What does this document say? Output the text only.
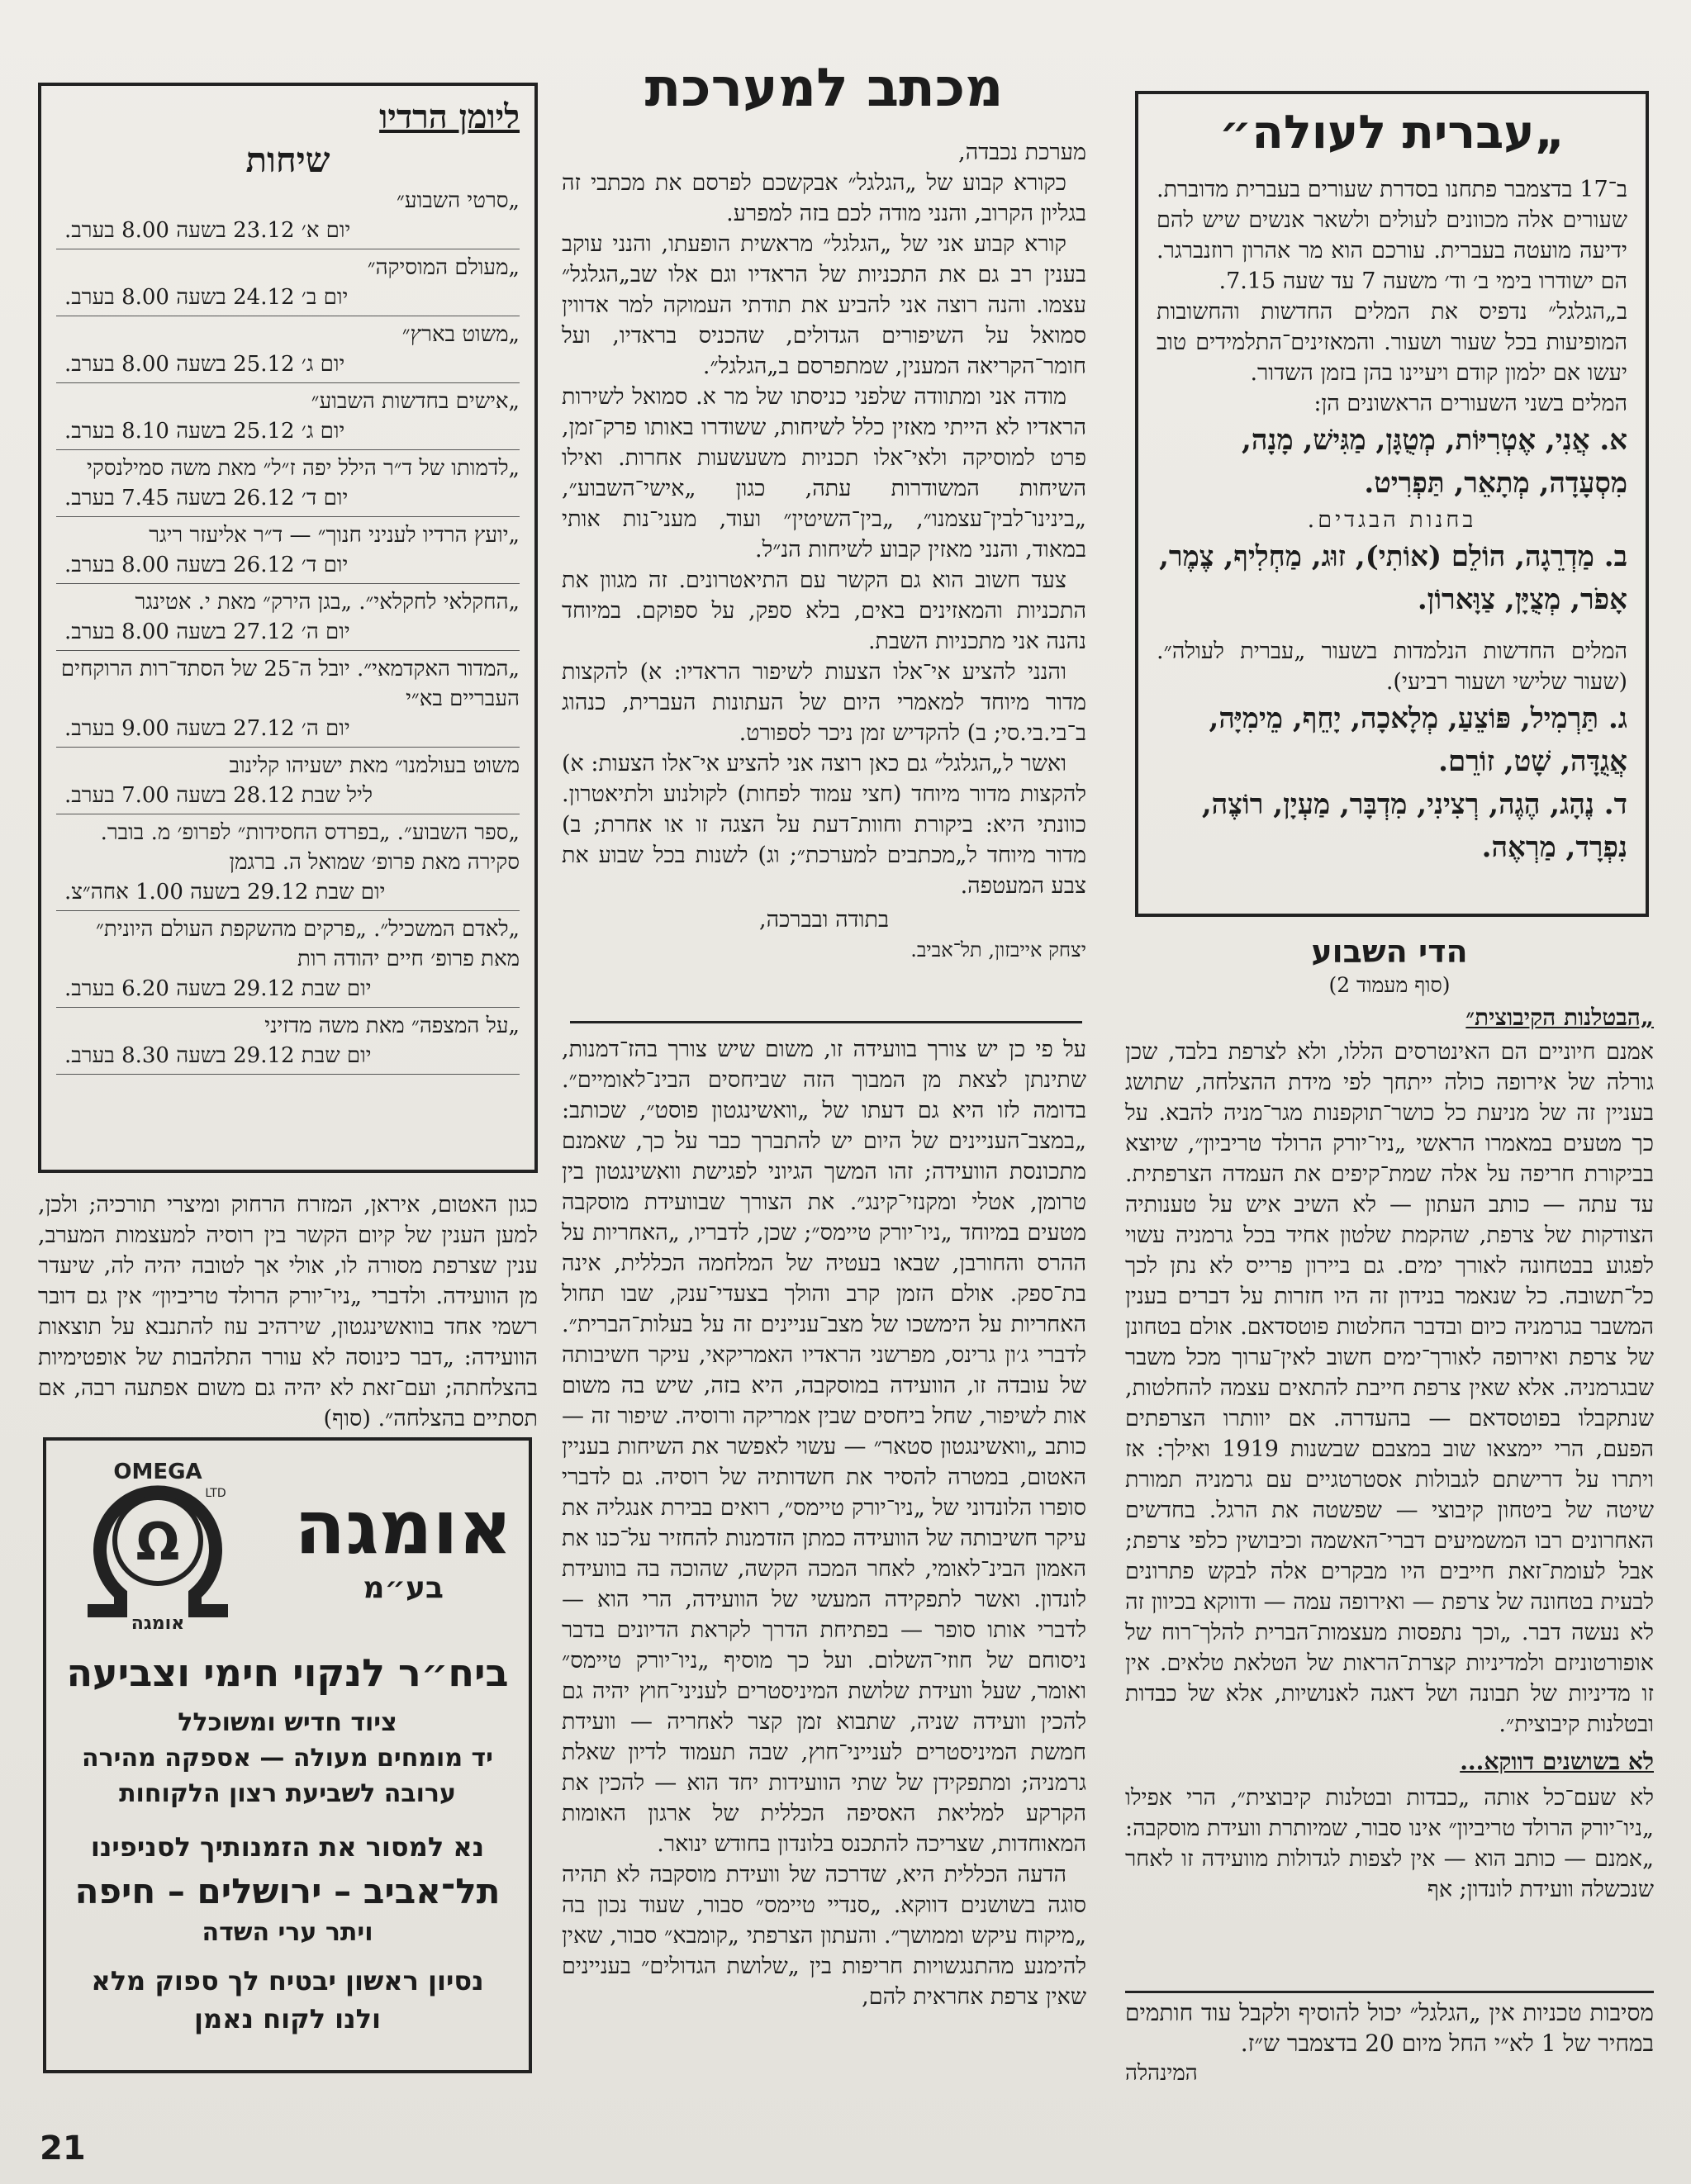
ליומן הרדיו
שיחות
„סרטי השבוע״
יום א׳ 23.12 בשעה 8.00 בערב.
„מעולם המוסיקה״
יום ב׳ 24.12 בשעה 8.00 בערב.
„משוט בארץ״
יום ג׳ 25.12 בשעה 8.00 בערב.
„אישים בחדשות השבוע״
יום ג׳ 25.12 בשעה 8.10 בערב.
„לדמותו של ד״ר הילל יפה ז״ל״ מאת משה סמילנסקי
יום ד׳ 26.12 בשעה 7.45 בערב.
„יועץ הרדיו לעניני חנוך״ — ד״ר אליעזר ריגר
יום ד׳ 26.12 בשעה 8.00 בערב.
„החקלאי לחקלאי״. „בגן הירק״ מאת י. אטינגר
יום ה׳ 27.12 בשעה 8.00 בערב.
„המדור האקדמאי״. יובל ה־25 של הסתד־רות הרוקחים העבריים בא״י
יום ה׳ 27.12 בשעה 9.00 בערב.
משוט בעולמנו״ מאת ישעיהו קלינוב
ליל שבת 28.12 בשעה 7.00 בערב.
„ספר השבוע״. „בפרדס החסידות״ לפרופ׳ מ. בובר. סקירה מאת פרופ׳ שמואל ה. ברגמן
יום שבת 29.12 בשעה 1.00 אחה״צ.
„לאדם המשכיל״. „פרקים מהשקפת העולם היונית״ מאת פרופ׳ חיים יהודה רות
יום שבת 29.12 בשעה 6.20 בערב.
„על המצפה״ מאת משה מדזיני
יום שבת 29.12 בשעה 8.30 בערב.

כגון האטום, איראן, המזרח הרחוק ומיצרי תורכיה; ולכן, למען הענין של קיום הקשר בין רוסיה למעצמות המערב, ענין שצרפת מסורה לו, אולי אך לטובה יהיה לה, שיעדר מן הוועידה. ולדברי „ניו־יורק הרולד טריביון״ אין גם דובר רשמי אחד בוואשינגטון, שירהיב עוז להתנבא על תוצאות הוועידה: „דבר כינוסה לא עורר התלהבות של אופטימיות בהצלחתה; ועם־זאת לא יהיה גם משום אפתעה רבה, אם תסתיים בהצלחה״. (סוף)

אומגה
בע״מ
Ω
OMEGA
LTD
אומגה
ביח״ר לנקוי חימי וצביעה
ציוד חדיש ומשוכלל
יד מומחים מעולה — אספקה מהירה
ערובה לשביעת רצון הלקוחות
נא למסור את הזמנותיך לסניפינו
תל־אביב – ירושלים – חיפה
ויתר ערי השדה
נסיון ראשון יבטיח לך ספוק מלא
ולנו לקוח נאמן
21
מכתב למערכת

מערכת נכבדה,

כקורא קבוע של „הגלגל״ אבקשכם לפרסם את מכתבי זה בגליון הקרוב, והנני מודה לכם בזה למפרע.

קורא קבוע אני של „הגלגל״ מראשית הופעתו, והנני עוקב בענין רב גם את התכניות של הראדיו וגם אלו שב„הגלגל״ עצמו. והנה רוצה אני להביע את תודתי העמוקה למר אדווין סמואל על השיפורים הגדולים, שהכניס בראדיו, ועל חומר־הקריאה המענין, שמתפרסם ב„הגלגל״.

מודה אני ומתוודה שלפני כניסתו של מר א. סמואל לשירות הראדיו לא הייתי מאזין כלל לשיחות, ששודרו באותו פרק־זמן, פרט למוסיקה ולאי־אלו תכניות משעשעות אחרות. ואילו השיחות המשודרות עתה, כגון „אישי־השבוע״, „בינינו־לבין־עצמנו״, „בין־השיטין״ ועוד, מעני־נות אותי במאוד, והנני מאזין קבוע לשיחות הנ״ל.

צעד חשוב הוא גם הקשר עם התיאטרונים. זה מגוון את התכניות והמאזינים באים, בלא ספק, על ספוקם. במיוחד נהנה אני מתכניות השבת.

והנני להציע אי־אלו הצעות לשיפור הראדיו: א) להקצות מדור מיוחד למאמרי היום של העתונות העברית, כנהוג ב־בי.בי.סי; ב) להקדיש זמן ניכר לספורט.

ואשר ל„הגלגל״ גם כאן רוצה אני להציע אי־אלו הצעות: א) להקצות מדור מיוחד (חצי עמוד לפחות) לקולנוע ולתיאטרון. כוונתי היא: ביקורת וחוות־דעת על הצגה זו או אחרת; ב) מדור מיוחד ל„מכתבים למערכת״; וג) לשנות בכל שבוע את צבע המעטפה.

בתודה ובברכה,

יצחק אייבזון, תל־אביב.

על פי כן יש צורך בוועידה זו, משום שיש צורך בהז־דמנות, שתינתן לצאת מן המבוך הזה שביחסים הבינ־לאומיים״. בדומה לזו היא גם דעתו של „וואשינגטון פוסט״, שכותב: „במצב־העניינים של היום יש להתברך כבר על כך, שאמנם מתכונסת הוועידה; זהו המשך הגיוני לפגישת וואשינגטון בין טרומן, אטלי ומקנזי־קינג״. את הצורך שבוועידת מוסקבה מטעים במיוחד „ניו־יורק טיימס״; שכן, לדבריו, „האחריות על ההרס והחורבן, שבאו בעטיה של המלחמה הכללית, אינה בת־ספק. אולם הזמן קרב והולך בצעדי־ענק, שבו תחול האחריות על הימשכו של מצב־עניינים זה על בעלות־הברית״. לדברי ג׳ון גרינס, מפרשני הראדיו האמריקאי, עיקר חשיבותה של עובדה זו, הוועידה במוסקבה, היא בזה, שיש בה משום אות לשיפור, שחל ביחסים שבין אמריקה ורוסיה. שיפור זה — כותב „וואשינגטון סטאר״ — עשוי לאפשר את השיחות בעניין האטום, במטרה להסיר את חשדותיה של רוסיה. גם לדברי סופרו הלונדוני של „ניו־יורק טיימס״, רואים בבירת אנגליה את עיקר חשיבותה של הוועידה כמתן הזדמנות להחזיר על־כנו את האמון הבינ־לאומי, לאחר המכה הקשה, שהוכה בה בוועידת לונדון. ואשר לתפקידה המעשי של הוועידה, הרי הוא — לדברי אותו סופר — בפתיחת הדרך לקראת הדיונים בדבר ניסוחם של חוזי־השלום. ועל כך מוסיף „ניו־יורק טיימס״ ואומר, שעל וועידת שלושת המיניסטרים לעניני־חוץ יהיה גם להכין וועידה שניה, שתבוא זמן קצר לאחריה — וועידת חמשת המיניסטרים לענייני־חוץ, שבה תעמוד לדיון שאלת גרמניה; ומתפקידן של שתי הוועידות יחד הוא — להכין את הקרקע למליאת האסיפה הכללית של ארגון האומות המאוחדות, שצריכה להתכנס בלונדון בחודש ינואר.

הדעה הכללית היא, שדרכה של וועידת מוסקבה לא תהיה סוגה בשושנים דווקא. „סנדיי טיימס״ סבור, שעוד נכון בה „מיקוח עיקש וממושך״. והעתון הצרפתי „קומבא״ סבור, שאין להימנע מהתנגשויות חריפות בין „שלושת הגדולים״ בעניינים שאין צרפת אחראית להם,

„עברית לעולה״

ב־17 בדצמבר פתחנו בסדרת שעורים בעברית מדוברת. שעורים אלה מכוונים לעולים ולשאר אנשים שיש להם ידיעה מועטה בעברית. עורכם הוא מר אהרון רוזנברגר. הם ישודרו בימי ב׳ וד׳ משעה 7 עד שעה 7.15.

ב„הגלגל״ נדפיס את המלים החדשות והחשובות המופיעות בכל שעור ושעור. והמאזינים־התלמידים טוב יעשו אם ילמון קודם ויעיינו בהן בזמן השדור.

המלים בשני השעורים הראשונים הן:

א. אֲנִי, אֶטְרִיּוֹת, מְטֻגָּן, מַגִּישׁ, מָנָה, מִסְעָדָה, מְתָאֵר, תַּפְרִיט.

בחנות הבגדים.

ב. מַדְרֵגָה, הוֹלֵם (אוֹתִי), זוּג, מַחְלִיף, צֶמֶר, אָפֹר, מְצֻיָּן, צַוָּארוֹן.

המלים החדשות הנלמדות בשעור „עברית לעולה״. (שעור שלישי ושעור רביעי).

ג. תַּרְמִיל, פּוֹצֵעַ, מְלָאכָה, יָחֵף, מֵימִיָּה, אֲגֻדָּה, שָׁט, זוֹרֵם.
ד. נֶהָג, הֶגֶה, רְצִינִי, מִדְבָּר, מַעְיָן, רוֹצֶה, נִפְרָד, מַרְאֶה.
הדי השבוע

(סוף מעמוד 2)

„הבטלנות הקיבוצית״

אמנם חיוניים הם האינטרסים הללו, ולא לצרפת בלבד, שכן גורלה של אירופה כולה ייתחך לפי מידת ההצלחה, שתושג בעניין זה של מניעת כל כושר־תוקפנות מגר־מניה להבא. על כך מטעים במאמרו הראשי „ניו־יורק הרולד טריביון״, שיוצא בביקורת חריפה על אלה שמת־קיפים את העמדה הצרפתית. עד עתה — כותב העתון — לא השיב איש על טענותיה הצודקות של צרפת, שהקמת שלטון אחיד בכל גרמניה עשוי לפגוע בבטחונה לאורך ימים. גם ביירון פרייס לא נתן לכך כל־תשובה. כל שנאמר בנידון זה היו חזרות על דברים בענין המשבר בגרמניה כיום ובדבר החלטות פוטסדאם. אולם בטחונן של צרפת ואירופה לאורך־ימים חשוב לאין־ערוך מכל משבר שבגרמניה. אלא שאין צרפת חייבת להתאים עצמה להחלטות, שנתקבלו בפוטסדאם — בהעדרה. אם יוותרו הצרפתים הפעם, הרי יימצאו שוב במצבם שבשנות 1919 ואילך: אז ויתרו על דרישתם לגבולות אסטרטגיים עם גרמניה תמורת שיטה של ביטחון קיבוצי — שפשטה את הרגל. בחדשים האחרונים רבו המשמיעים דברי־האשמה וכיבושין כלפי צרפת; אבל לעומת־זאת חייבים היו מבקרים אלה לבקש פתרונים לבעית בטחונה של צרפת — ואירופה עמה — ודווקא בכיוון זה לא נעשה דבר. „וכך נתפסות מעצמות־הברית להלך־רוח של אופורטוניזם ולמדיניות קצרת־הראות של הטלאת טלאים. אין זו מדיניות של תבונה ושל דאגה לאנושיות, אלא של כבדות ובטלנות קיבוצית״.

לא בשושנים דווקא...

לא שעם־כל אותה „כבדות ובטלנות קיבוצית״, הרי אפילו „ניו־יורק הרולד טריביון״ אינו סבור, שמיותרת וועידת מוסקבה: „אמנם — כותב הוא — אין לצפות לגדולות מוועידה זו לאחר שנכשלה וועידת לונדון; אף

מסיבות טכניות אין „הגלגל״ יכול להוסיף ולקבל עוד חותמים במחיר של 1 לא״י החל מיום 20 בדצמבר ש״ז.

המינהלה
